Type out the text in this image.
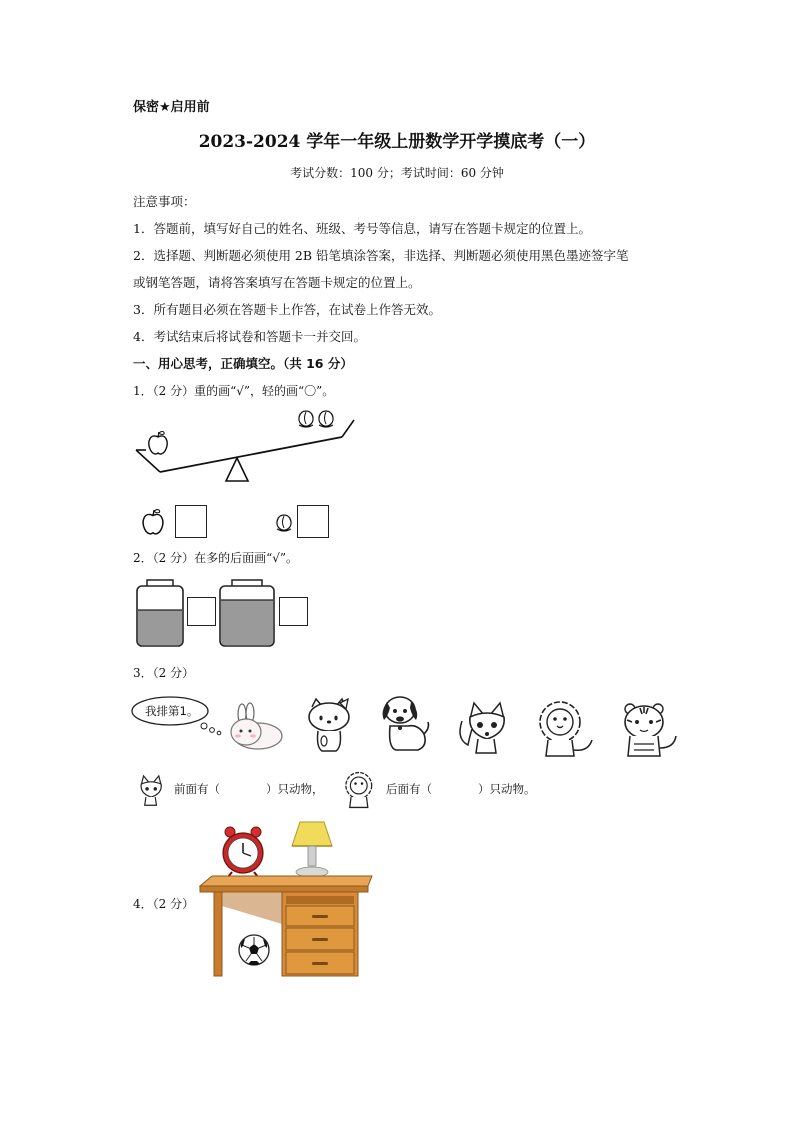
保密★启用前
2023-2024 学年一年级上册数学开学摸底考（一）
考试分数：100 分；考试时间：60 分钟
注意事项：
1．答题前，填写好自己的姓名、班级、考号等信息，请写在答题卡规定的位置上。
2．选择题、判断题必须使用 2B 铅笔填涂答案，非选择、判断题必须使用黑色墨迹签字笔
或钢笔答题，请将答案填写在答题卡规定的位置上。
3．所有题目必须在答题卡上作答，在试卷上作答无效。
4．考试结束后将试卷和答题卡一并交回。
一、用心思考，正确填空。（共 16 分）
1．（2 分）重的画“√”，轻的画“〇”。
2．（2 分）在多的后面画“√”。
3．（2 分）
我排第1。
前面有（　　　　）只动物，	后面有（　　　　）只动物。
4．（2 分）
